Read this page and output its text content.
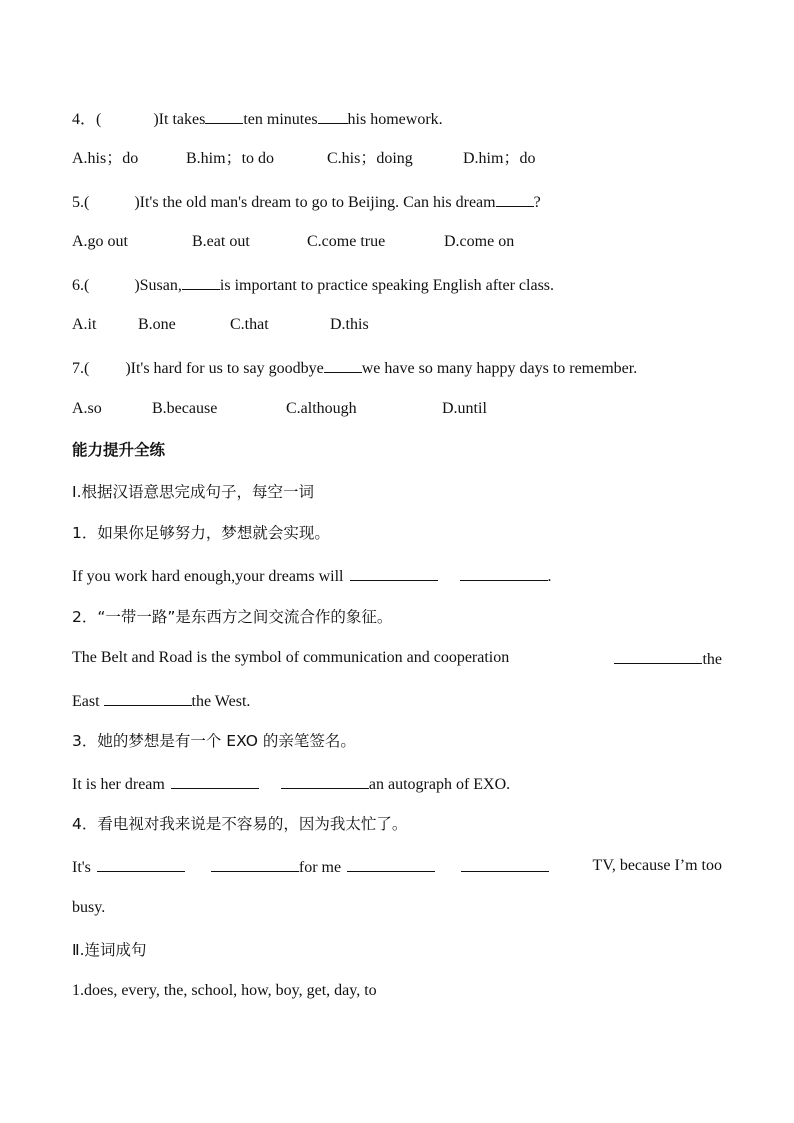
4．(	)It takes ten minutes his homework.
A.his；do	B.him；to do	C.his；doing	D.him；do
5.(	)It's the old man's dream to go to Beijing. Can his dream ?
A.go out	B.eat out	C.come true	D.come on
6.(	)Susan, is important to practice speaking English after class.
A.it	B.one	C.that	D.this
7.( )It's hard for us to say goodbye we have so many happy days to remember.
A.so	B.because	C.although	D.until
能力提升全练
Ⅰ.根据汉语意思完成句子，每空一词
1．如果你足够努力，梦想就会实现。
If you work hard enough,your dreams will	.
2．“一带一路”是东西方之间交流合作的象征。
The Belt and Road is the symbol of communication and cooperation	the
East	the West.
3．她的梦想是有一个 EXO 的亲笔签名。
It is her dream	an autograph of EXO.
4．看电视对我来说是不容易的，因为我太忙了。
It's	for me	TV, because I’m too
busy.
Ⅱ.连词成句
1.does, every, the, school, how, boy, get, day, to
